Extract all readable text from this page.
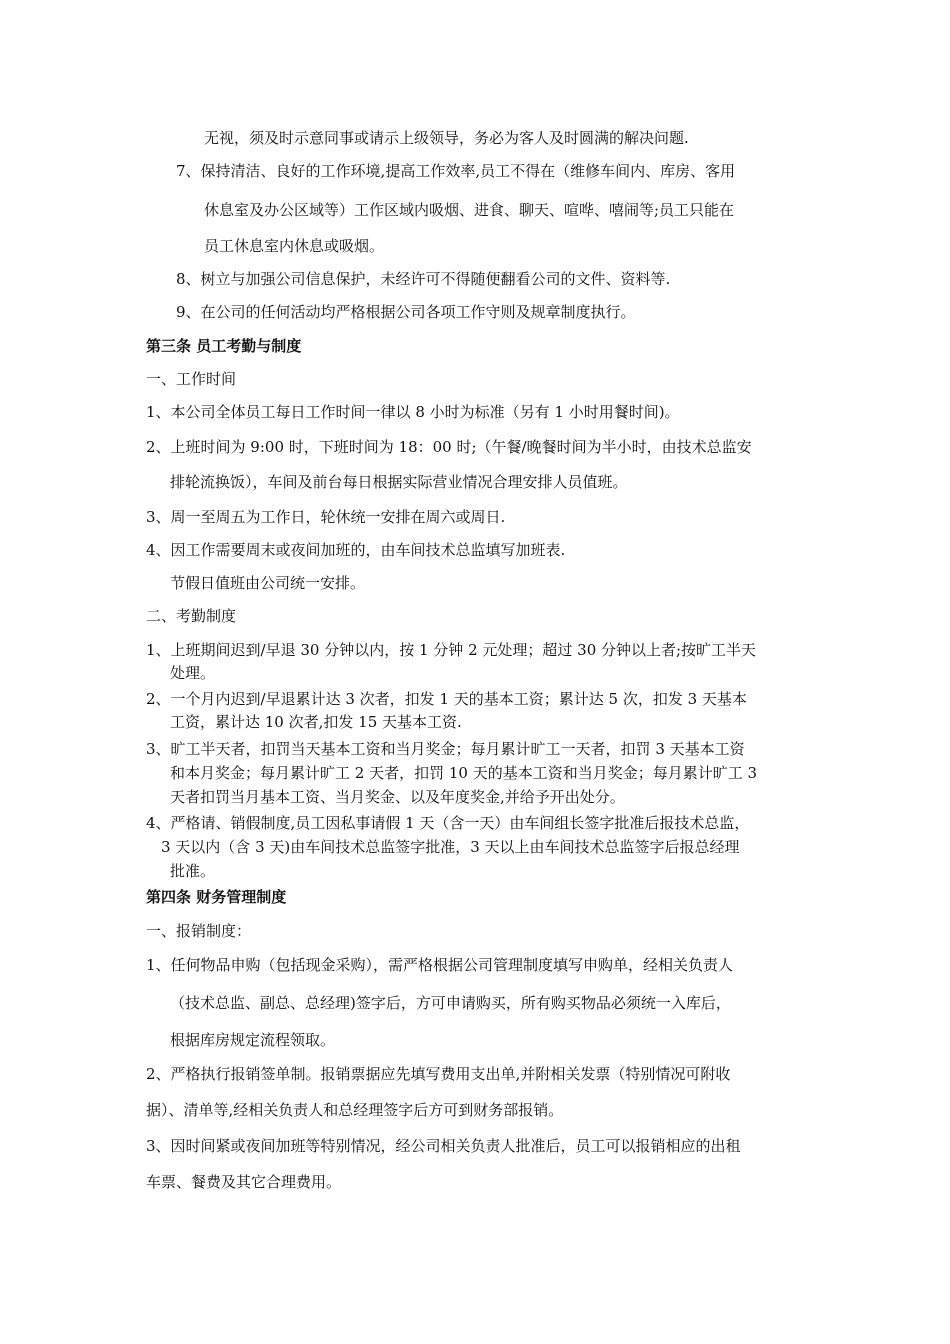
无视，须及时示意同事或请示上级领导，务必为客人及时圆满的解决问题.
7、保持清洁、良好的工作环境,提高工作效率,员工不得在（维修车间内、库房、客用
休息室及办公区域等）工作区域内吸烟、进食、聊天、喧哗、嘻闹等;员工只能在
员工休息室内休息或吸烟。
8、树立与加强公司信息保护，未经许可不得随便翻看公司的文件、资料等.
9、在公司的任何活动均严格根据公司各项工作守则及规章制度执行。
第三条 员工考勤与制度
一、工作时间
1、本公司全体员工每日工作时间一律以 8 小时为标准（另有 1 小时用餐时间)。
2、上班时间为 9:00 时，下班时间为 18：00 时;（午餐/晚餐时间为半小时，由技术总监安
排轮流换饭），车间及前台每日根据实际营业情况合理安排人员值班。
3、周一至周五为工作日，轮休统一安排在周六或周日.
4、因工作需要周末或夜间加班的，由车间技术总监填写加班表.
节假日值班由公司统一安排。
二、考勤制度
1、上班期间迟到/早退 30 分钟以内，按 1 分钟 2 元处理；超过 30 分钟以上者;按旷工半天
处理。
2、一个月内迟到/早退累计达 3 次者，扣发 1 天的基本工资；累计达 5 次，扣发 3 天基本
工资，累计达 10 次者,扣发 15 天基本工资.
3、旷工半天者，扣罚当天基本工资和当月奖金；每月累计旷工一天者，扣罚 3 天基本工资
和本月奖金；每月累计旷工 2 天者，扣罚 10 天的基本工资和当月奖金；每月累计旷工 3
天者扣罚当月基本工资、当月奖金、以及年度奖金,并给予开出处分。
4、严格请、销假制度,员工因私事请假 1 天（含一天）由车间组长签字批准后报技术总监，
3 天以内（含 3 天)由车间技术总监签字批准，3 天以上由车间技术总监签字后报总经理
批准。
第四条 财务管理制度
一、报销制度：
1、任何物品申购（包括现金采购），需严格根据公司管理制度填写申购单，经相关负责人
（技术总监、副总、总经理)签字后，方可申请购买，所有购买物品必须统一入库后，
根据库房规定流程领取。
2、严格执行报销签单制。报销票据应先填写费用支出单,并附相关发票（特别情况可附收
据）、清单等,经相关负责人和总经理签字后方可到财务部报销。
3、因时间紧或夜间加班等特别情况，经公司相关负责人批准后，员工可以报销相应的出租
车票、餐费及其它合理费用。
